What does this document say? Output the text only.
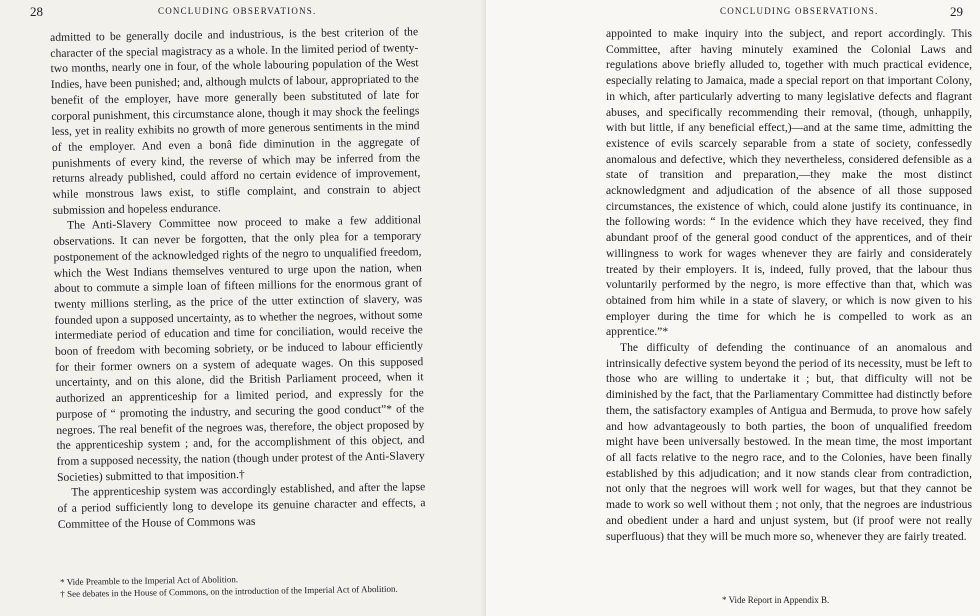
28	CONCLUDING OBSERVATIONS.

admitted to be generally docile and industrious, is the best criterion of the character of the special magistracy as a whole. In the limited period of twenty-two months, nearly one in four, of the whole labouring population of the West Indies, have been punished; and, although mulcts of labour, appropriated to the benefit of the employer, have more generally been substituted of late for corporal punishment, this circumstance alone, though it may shock the feelings less, yet in reality exhibits no growth of more generous sentiments in the mind of the employer. And even a bonâ fide diminution in the aggregate of punishments of every kind, the reverse of which may be inferred from the returns already published, could afford no certain evidence of improvement, while monstrous laws exist, to stifle complaint, and constrain to abject submission and hopeless endurance.

The Anti-Slavery Committee now proceed to make a few additional observations. It can never be forgotten, that the only plea for a temporary postponement of the acknowledged rights of the negro to unqualified freedom, which the West Indians themselves ventured to urge upon the nation, when about to commute a simple loan of fifteen millions for the enormous grant of twenty millions sterling, as the price of the utter extinction of slavery, was founded upon a supposed uncertainty, as to whether the negroes, without some intermediate period of education and time for conciliation, would receive the boon of freedom with becoming sobriety, or be induced to labour efficiently for their former owners on a system of adequate wages. On this supposed uncertainty, and on this alone, did the British Parliament proceed, when it authorized an apprenticeship for a limited period, and expressly for the purpose of “ promoting the industry, and securing the good conduct”* of the negroes. The real benefit of the negroes was, therefore, the object proposed by the apprenticeship system ; and, for the accomplishment of this object, and from a supposed necessity, the nation (though under protest of the Anti-Slavery Societies) submitted to that imposition.†

The apprenticeship system was accordingly established, and after the lapse of a period sufficiently long to develope its genuine character and effects, a Committee of the House of Commons was

* Vide Preamble to the Imperial Act of Abolition.

† See debates in the House of Commons, on the introduction of the Imperial Act of Abolition.

CONCLUDING OBSERVATIONS.	29

appointed to make inquiry into the subject, and report accordingly. This Committee, after having minutely examined the Colonial Laws and regulations above briefly alluded to, together with much practical evidence, especially relating to Jamaica, made a special report on that important Colony, in which, after particularly adverting to many legislative defects and flagrant abuses, and specifically recommending their removal, (though, unhappily, with but little, if any beneficial effect,)—and at the same time, admitting the existence of evils scarcely separable from a state of society, confessedly anomalous and defective, which they nevertheless, considered defensible as a state of transition and preparation,—they make the most distinct acknowledgment and adjudication of the absence of all those supposed circumstances, the existence of which, could alone justify its continuance, in the following words: “ In the evidence which they have received, they find abundant proof of the general good conduct of the apprentices, and of their willingness to work for wages whenever they are fairly and considerately treated by their employers. It is, indeed, fully proved, that the labour thus voluntarily performed by the negro, is more effective than that, which was obtained from him while in a state of slavery, or which is now given to his employer during the time for which he is compelled to work as an apprentice.”*

The difficulty of defending the continuance of an anomalous and intrinsically defective system beyond the period of its necessity, must be left to those who are willing to undertake it ; but, that difficulty will not be diminished by the fact, that the Parliamentary Committee had distinctly before them, the satisfactory examples of Antigua and Bermuda, to prove how safely and how advantageously to both parties, the boon of unqualified freedom might have been universally bestowed. In the mean time, the most important of all facts relative to the negro race, and to the Colonies, have been finally established by this adjudication; and it now stands clear from contradiction, not only that the negroes will work well for wages, but that they cannot be made to work so well without them ; not only, that the negroes are industrious and obedient under a hard and unjust system, but (if proof were not really superfluous) that they will be much more so, whenever they are fairly treated.

* Vide Report in Appendix B.
